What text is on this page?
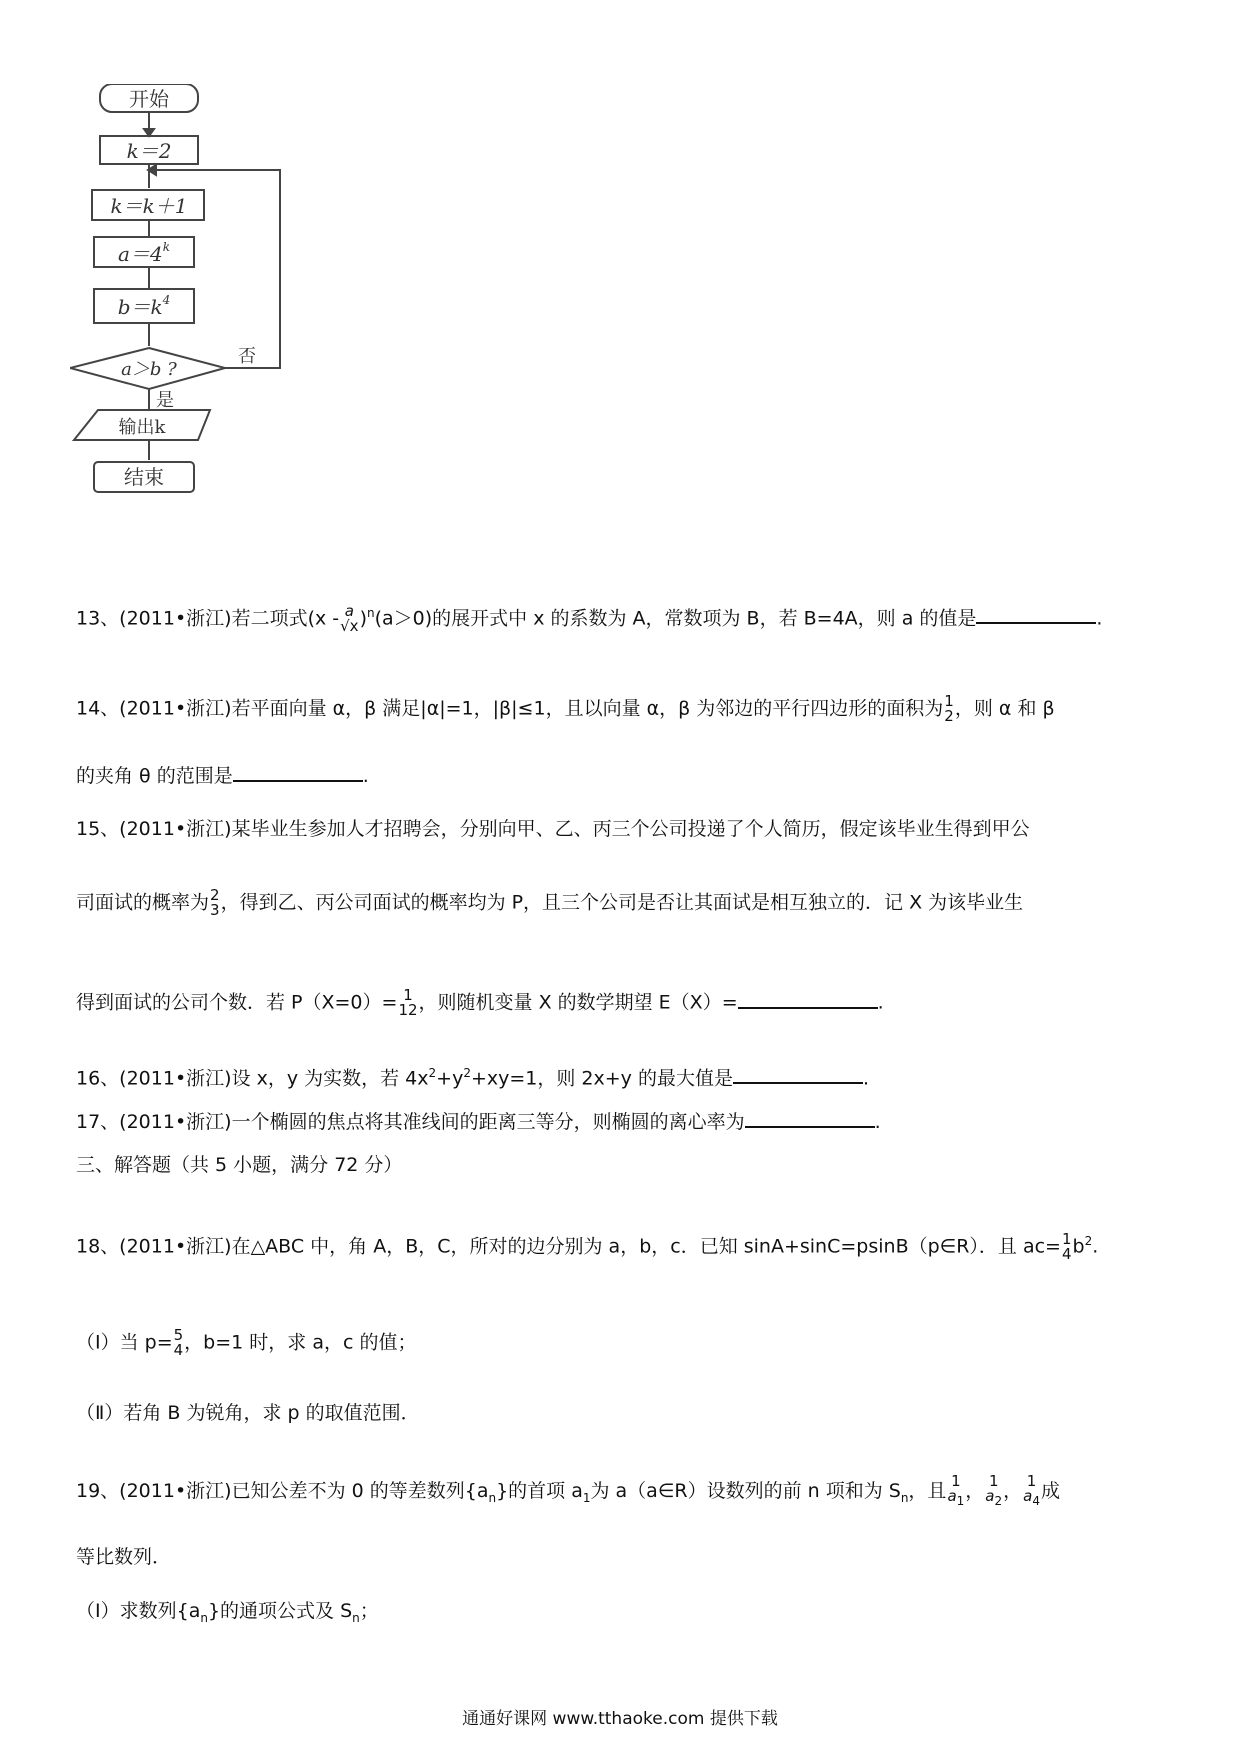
开始
k＝2
k＝k＋1
$a=4^k$
$b=k^4$
a＞b ?
否
是
输出k
结束
13、(2011•浙江)若二项式(x - a
√x )$^n$(a＞0)的展开式中 x 的系数为 A，常数项为 B，若 B=4A，则 a 的值是	.
14、(2011•浙江)若平面向量 α，β 满足|α|=1，|β|≤1，且以向量 α，β 为邻边的平行四边形的面积为 1
2 ，则 α 和 β
的夹角 θ 的范围是	.
15、(2011•浙江)某毕业生参加人才招聘会，分别向甲、乙、丙三个公司投递了个人简历，假定该毕业生得到甲公
司面试的概率为 2
3 ，得到乙、丙公司面试的概率均为 P，且三个公司是否让其面试是相互独立的．记 X 为该毕业生
得到面试的公司个数．若 P（X=0）= 1
12 ，则随机变量 X 的数学期望 E（X）=	.
16、(2011•浙江)设 x，y 为实数，若 $4x^2+y^2+xy=1$，则 2x+y 的最大值是	.
17、(2011•浙江)一个椭圆的焦点将其准线间的距离三等分，则椭圆的离心率为	.
三、解答题（共 5 小题，满分 72 分）
18、(2011•浙江)在△ABC 中，角 A，B，C，所对的边分别为 a，b，c．已知 sinA+sinC=psinB（p∈R）．且 ac= 1
4 $b^2$.
（Ⅰ）当 p= 5
4 ，b=1 时，求 a，c 的值；
（Ⅱ）若角 B 为锐角，求 p 的取值范围．
19、(2011•浙江)已知公差不为 0 的等差数列$\{a_n\}$的首项 $a_1$为 a（a∈R）设数列的前 n 项和为 $S_n$，且 1
$a_1$ ， 1
$a_2$ ， 1
$a_4$ 成
等比数列．
（Ⅰ）求数列$\{a_n\}$的通项公式及 $S_n$；
通通好课网 www.tthaoke.com 提供下载
